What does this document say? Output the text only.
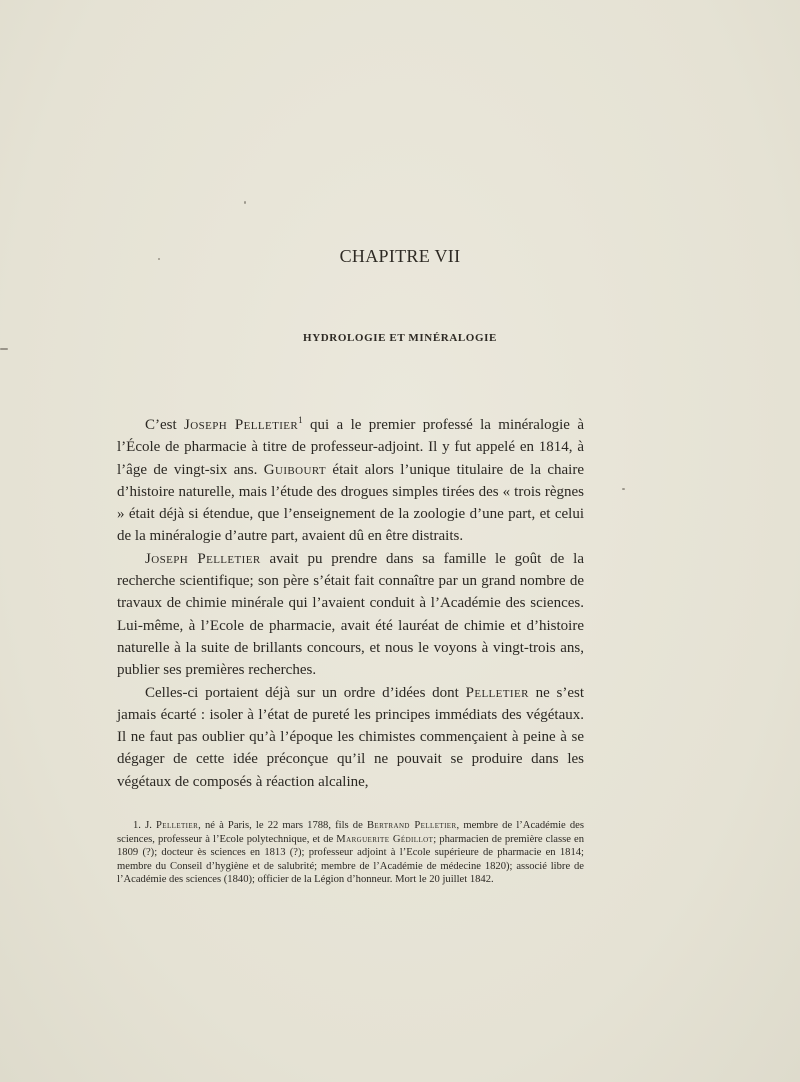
CHAPITRE VII
HYDROLOGIE ET MINÉRALOGIE

C’est Joseph Pelletier$^1$ qui a le premier professé la minéralogie à l’École de pharmacie à titre de professeur-adjoint. Il y fut appelé en 1814, à l’âge de vingt-six ans. Guibourt était alors l’unique titulaire de la chaire d’histoire naturelle, mais l’étude des drogues simples tirées des « trois règnes » était déjà si étendue, que l’enseignement de la zoologie d’une part, et celui de la minéralogie d’autre part, avaient dû en être distraits.

Joseph Pelletier avait pu prendre dans sa famille le goût de la recherche scientifique; son père s’était fait connaître par un grand nombre de travaux de chimie minérale qui l’avaient conduit à l’Académie des sciences. Lui-même, à l’Ecole de pharmacie, avait été lauréat de chimie et d’histoire naturelle à la suite de brillants concours, et nous le voyons à vingt-trois ans, publier ses premières recherches.

Celles-ci portaient déjà sur un ordre d’idées dont Pelletier ne s’est jamais écarté : isoler à l’état de pureté les principes immédiats des végétaux. Il ne faut pas oublier qu’à l’époque les chimistes commençaient à peine à se dégager de cette idée préconçue qu’il ne pouvait se produire dans les végétaux de composés à réaction alcaline,

1. J. Pelletier, né à Paris, le 22 mars 1788, fils de Bertrand Pelletier, membre de l’Académie des sciences, professeur à l’Ecole polytechnique, et de Marguerite Gédillot; pharmacien de première classe en 1809 (?); docteur ès sciences en 1813 (?); professeur adjoint à l’Ecole supérieure de pharmacie en 1814; membre du Conseil d’hygiène et de salubrité; membre de l’Académie de médecine 1820); associé libre de l’Académie des sciences (1840); officier de la Légion d’honneur. Mort le 20 juillet 1842.
